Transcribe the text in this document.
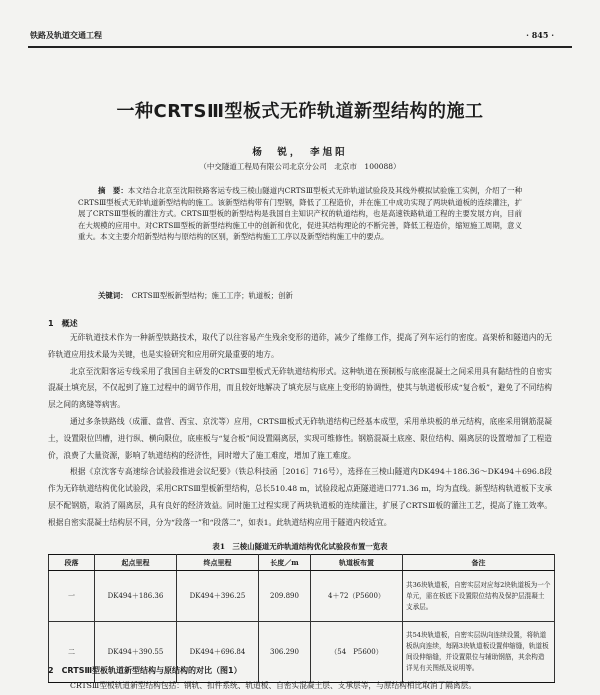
铁路及轨道交通工程	· 845 ·
一种CRTSⅢ型板式无砟轨道新型结构的施工
杨　锐，　李旭阳
（中交隧道工程局有限公司北京分公司　北京市　100088）
摘　要：本文结合北京至沈阳铁路客运专线三棱山隧道内CRTSⅢ型板式无砟轨道试验段及其线外模拟试验施工实例，介绍了一种CRTSⅢ型板式无砟轨道新型结构的施工。该新型结构带有门型钢，降低了工程造价，并在施工中成功实现了两块轨道板的连续灌注，扩展了CRTSⅢ型板的灌注方式。CRTSⅢ型板的新型结构是我国自主知识产权的轨道结构，也是高速铁路轨道工程的主要发展方向，目前在大规模的应用中。对CRTSⅢ型板的新型结构施工中的创新和优化，促进其结构理论的不断完善，降低工程造价，缩短施工周期，意义重大。本文主要介绍新型结构与原结构的区别，新型结构施工工序以及新型结构施工中的要点。
关键词： CRTSⅢ型板新型结构；施工工序；轨道板；创新
1　概述

无砟轨道技术作为一种新型铁路技术，取代了以往容易产生残余变形的道砟，减少了维修工作，提高了列车运行的密度。高架桥和隧道内的无砟轨道应用技术最为关键，也是实验研究和应用研究最重要的地方。

北京至沈阳客运专线采用了我国自主研发的CRTSⅢ型板式无砟轨道结构形式。这种轨道在预制板与底座混凝土之间采用具有黏结性的自密实混凝土填充层，不仅起到了施工过程中的调节作用，而且较好地解决了填充层与底座上变形的协调性，使其与轨道板形成“复合板”，避免了不同结构层之间的离缝等病害。

通过多条铁路线（成灌、盘营、西宝、京沈等）应用，CRTSⅢ板式无砟轨道结构已经基本成型，采用单块板的单元结构，底座采用钢筋混凝土，设置限位凹槽，进行纵、横向限位，底座板与“复合板”间设置隔离层，实现可维修性。钢筋混凝土底座、限位结构、隔离层的设置增加了工程造价，浪费了大量资源，影响了轨道结构的经济性，同时增大了施工难度，增加了施工难度。

根据《京沈客专高速综合试验段推进会议纪要》（铁总科技函［2016］716号），选择在三棱山隧道内DK494＋186.36～DK494＋696.8段作为无砟轨道结构优化试验段，采用CRTSⅢ型板新型结构，总长510.48 m，试验段起点距隧道进口771.36 m，均为直线。新型结构轨道板下支承层不配钢筋，取消了隔离层，具有良好的经济效益。同时施工过程实现了两块轨道板的连续灌注，扩展了CRTSⅢ板的灌注工艺，提高了施工效率。根据自密实混凝土结构层不同，分为“段落一”和“段落二”，如表1。此轨道结构应用于隧道内较适宜。

表1　三棱山隧道无砟轨道结构优化试验段布置一览表
段落	起点里程	终点里程	长度／m	轨道板布置	备注
一	DK494＋186.36	DK494＋396.25	209.890	4＋72（P5600）	共36块轨道板，自密实层对应每2块轨道板为一个单元，需在板底下设置限位结构及保护层混凝土支承层。
二	DK494＋390.55	DK494＋696.84	306.290	（54　P5600）	共54块轨道板，自密实层纵向连续设置，将轨道板纵向连续，每隔3块轨道板设置伸缩缝，轨道板间设伸缩缝，并设置限位与辅助钢筋，其余构造详见有关图纸及说明等。
2　CRTSⅢ型板轨道新型结构与原结构的对比（图1）

CRTSⅢ型板轨道新型结构包括：钢轨、扣件系统、轨道板、自密实混凝土层、支承层等，与原结构相比取消了隔离层。
